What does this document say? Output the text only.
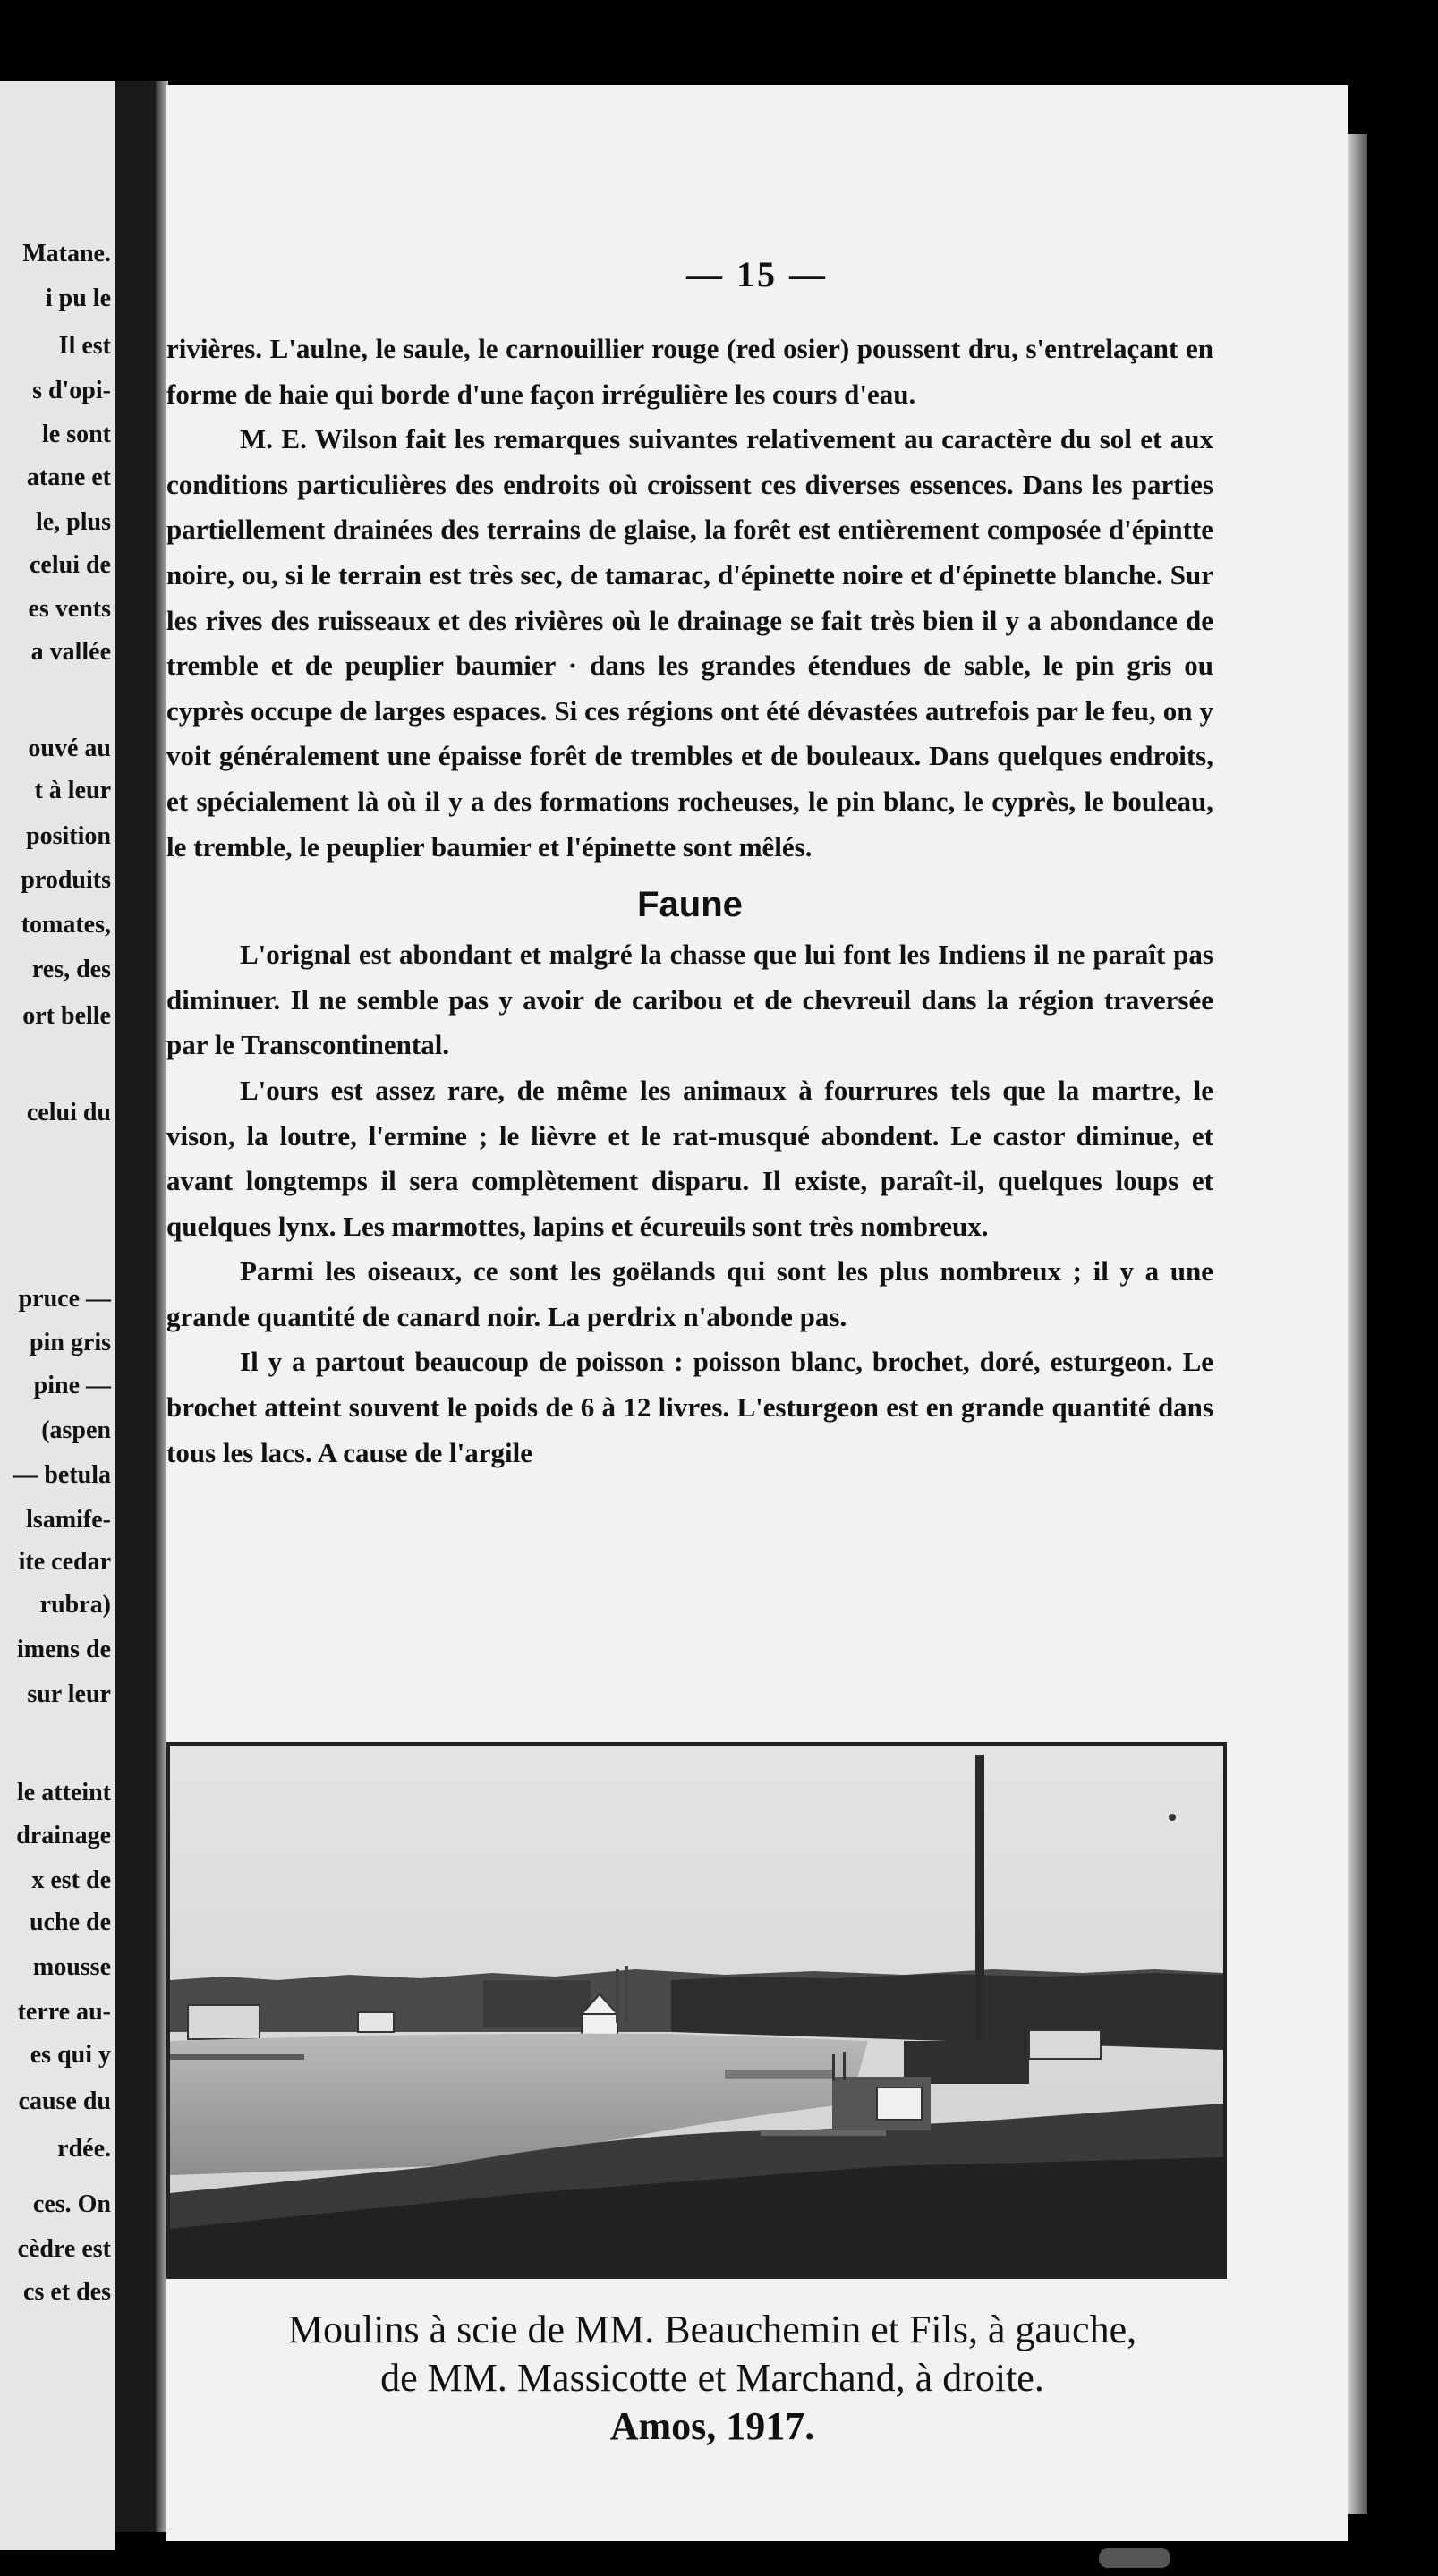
Matane.
i pu le
Il est
s d'opi-
le sont
atane et
le, plus
celui de
es vents
a vallée
ouvé au
t à leur
position
produits
tomates,
res, des
ort belle
celui du
pruce —
pin gris
pine —
(aspen
— betula
lsamife-
ite cedar
rubra)
imens de
sur leur
le atteint
drainage
x est de
uche de
mousse
terre au-
es qui y
cause du
rdée.
ces. On
cèdre est
cs et des
— 15 —

rivières. L'aulne, le saule, le carnouillier rouge (red osier) poussent dru, s'entrelaçant en forme de haie qui borde d'une façon irrégulière les cours d'eau.

M. E. Wilson fait les remarques suivantes relativement au caractère du sol et aux conditions particulières des endroits où croissent ces diverses essences. Dans les parties partiellement drainées des terrains de glaise, la forêt est entièrement composée d'épintte noire, ou, si le terrain est très sec, de tamarac, d'épinette noire et d'épinette blanche. Sur les rives des ruisseaux et des rivières où le drainage se fait très bien il y a abondance de tremble et de peuplier baumier · dans les grandes étendues de sable, le pin gris ou cyprès occupe de larges espaces. Si ces régions ont été dévastées autrefois par le feu, on y voit généralement une épaisse forêt de trembles et de bouleaux. Dans quelques endroits, et spécialement là où il y a des formations rocheuses, le pin blanc, le cyprès, le bouleau, le tremble, le peuplier baumier et l'épinette sont mêlés.

Faune

L'orignal est abondant et malgré la chasse que lui font les Indiens il ne paraît pas diminuer. Il ne semble pas y avoir de caribou et de chevreuil dans la région traversée par le Transcontinental.

L'ours est assez rare, de même les animaux à fourrures tels que la martre, le vison, la loutre, l'ermine ; le lièvre et le rat-musqué abondent. Le castor diminue, et avant longtemps il sera complètement disparu. Il existe, paraît-il, quelques loups et quelques lynx. Les marmottes, lapins et écureuils sont très nombreux.

Parmi les oiseaux, ce sont les goëlands qui sont les plus nombreux ; il y a une grande quantité de canard noir. La perdrix n'abonde pas.

Il y a partout beaucoup de poisson : poisson blanc, brochet, doré, esturgeon. Le brochet atteint souvent le poids de 6 à 12 livres. L'esturgeon est en grande quantité dans tous les lacs. A cause de l'argile

Moulins à scie de MM. Beauchemin et Fils, à gauche,
de MM. Massicotte et Marchand, à droite.
Amos, 1917.
